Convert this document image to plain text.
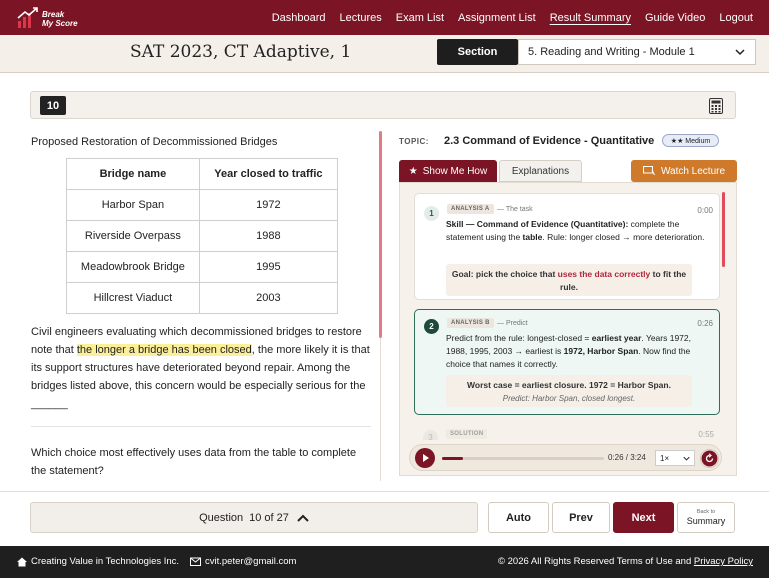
Break
My Score	Dashboard Lectures Exam List Assignment List Result Summary Guide Video Logout
SAT 2023, CT Adaptive, 1	Section	5. Reading and Writing - Module 1
10
Proposed Restoration of Decommissioned Bridges
Bridge name	Year closed to traffic
Harbor Span	1972
Riverside Overpass	1988
Meadowbrook Bridge	1995
Hillcrest Viaduct	2003
Civil engineers evaluating which decommissioned bridges to restore note that the longer a bridge has been closed, the more likely it is that its support structures have deteriorated beyond repair. Among the bridges listed above, this concern would be especially serious for the ______
Which choice most effectively uses data from the table to complete the statement?
TOPIC: 2.3 Command of Evidence - Quantitative	★★ Medium
★ Show Me How	Explanations	Watch Lecture
1	ANALYSIS A	— The task	0:00
Skill — Command of Evidence (Quantitative): complete the statement using the table. Rule: longer closed → more deterioration.
Goal: pick the choice that uses the data correctly to fit the rule.
2	ANALYSIS B	— Predict	0:26
Predict from the rule: longest-closed = earliest year. Years 1972, 1988, 1995, 2003 → earliest is 1972, Harbor Span. Now find the choice that names it correctly.
Worst case = earliest closure. 1972 = Harbor Span.
Predict: Harbor Span, closed longest.
3	SOLUTION	0:55
0:26 / 3:24 1×
Question 10 of 27	Auto	Prev	Next	Back to
Summary
Creating Value in Technologies Inc.	cvit.peter@gmail.com	© 2026 All Rights Reserved Terms of Use and Privacy Policy
